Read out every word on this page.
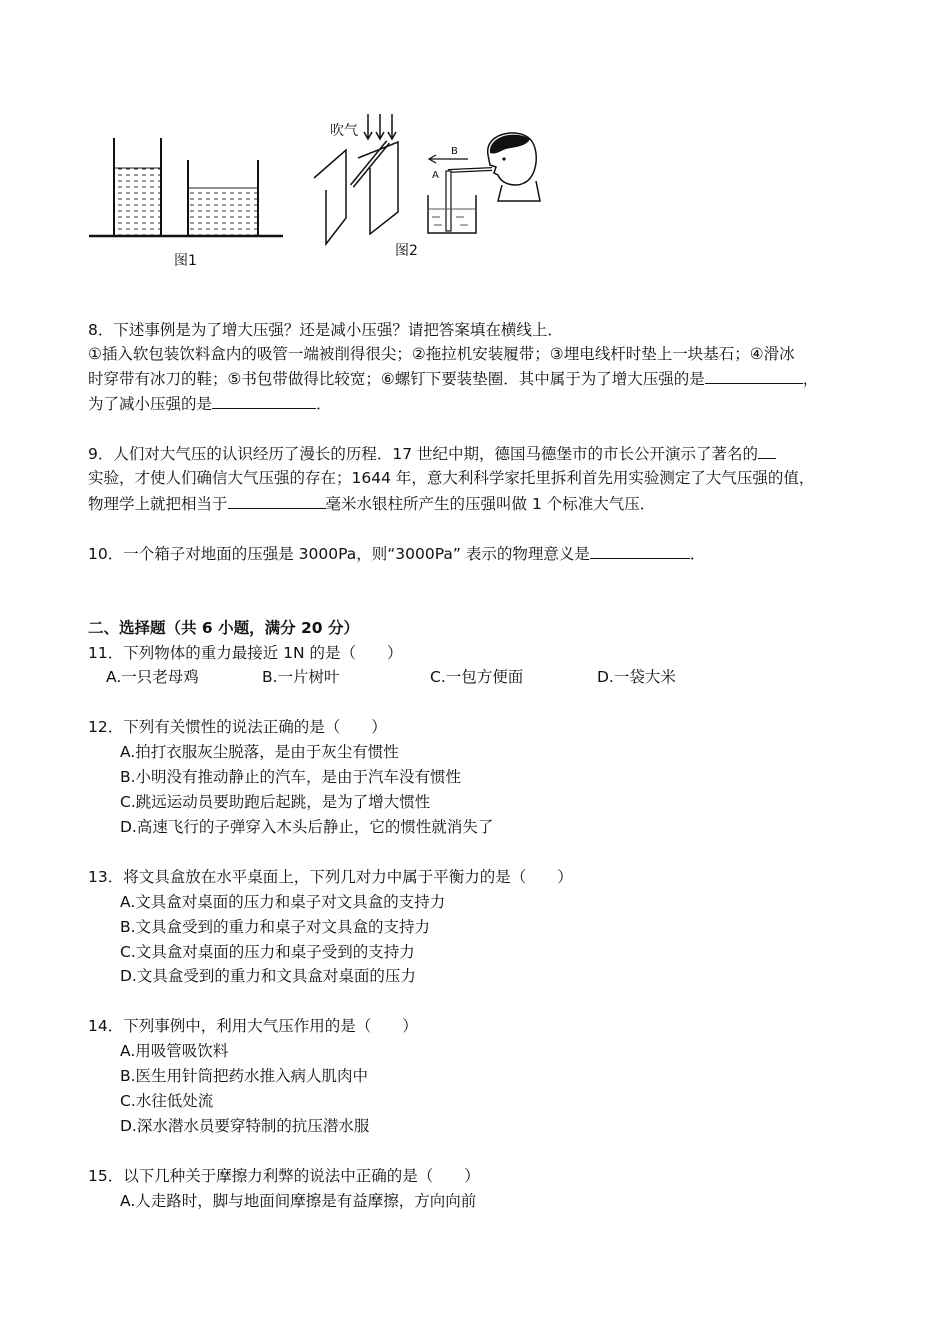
图1
吹气
图2
B
A
8．下述事例是为了增大压强？还是减小压强？请把答案填在横线上．
①插入软包装饮料盒内的吸管一端被削得很尖；②拖拉机安装履带；③埋电线杆时垫上一块基石；④滑冰
时穿带有冰刀的鞋；⑤书包带做得比较宽；⑥螺钉下要装垫圈．其中属于为了增大压强的是	，
为了减小压强的是	．
9．人们对大气压的认识经历了漫长的历程．17 世纪中期，德国马德堡市的市长公开演示了著名的
实验，才使人们确信大气压强的存在；1644 年，意大利科学家托里拆利首先用实验测定了大气压强的值，
物理学上就把相当于	毫米水银柱所产生的压强叫做 1 个标准大气压．
10．一个箱子对地面的压强是 3000Pa，则“3000Pa” 表示的物理意义是	．
二、选择题（共 6 小题，满分 20 分）
11．下列物体的重力最接近 1N 的是（　　）
A.一只老母鸡	B.一片树叶	C.一包方便面	D.一袋大米
12．下列有关惯性的说法正确的是（　　）
A.拍打衣服灰尘脱落，是由于灰尘有惯性
B.小明没有推动静止的汽车，是由于汽车没有惯性
C.跳远运动员要助跑后起跳，是为了增大惯性
D.高速飞行的子弹穿入木头后静止，它的惯性就消失了
13．将文具盒放在水平桌面上，下列几对力中属于平衡力的是（　　）
A.文具盒对桌面的压力和桌子对文具盒的支持力
B.文具盒受到的重力和桌子对文具盒的支持力
C.文具盒对桌面的压力和桌子受到的支持力
D.文具盒受到的重力和文具盒对桌面的压力
14．下列事例中，利用大气压作用的是（　　）
A.用吸管吸饮料
B.医生用针筒把药水推入病人肌肉中
C.水往低处流
D.深水潜水员要穿特制的抗压潜水服
15．以下几种关于摩擦力利弊的说法中正确的是（　　）
A.人走路时，脚与地面间摩擦是有益摩擦，方向向前
